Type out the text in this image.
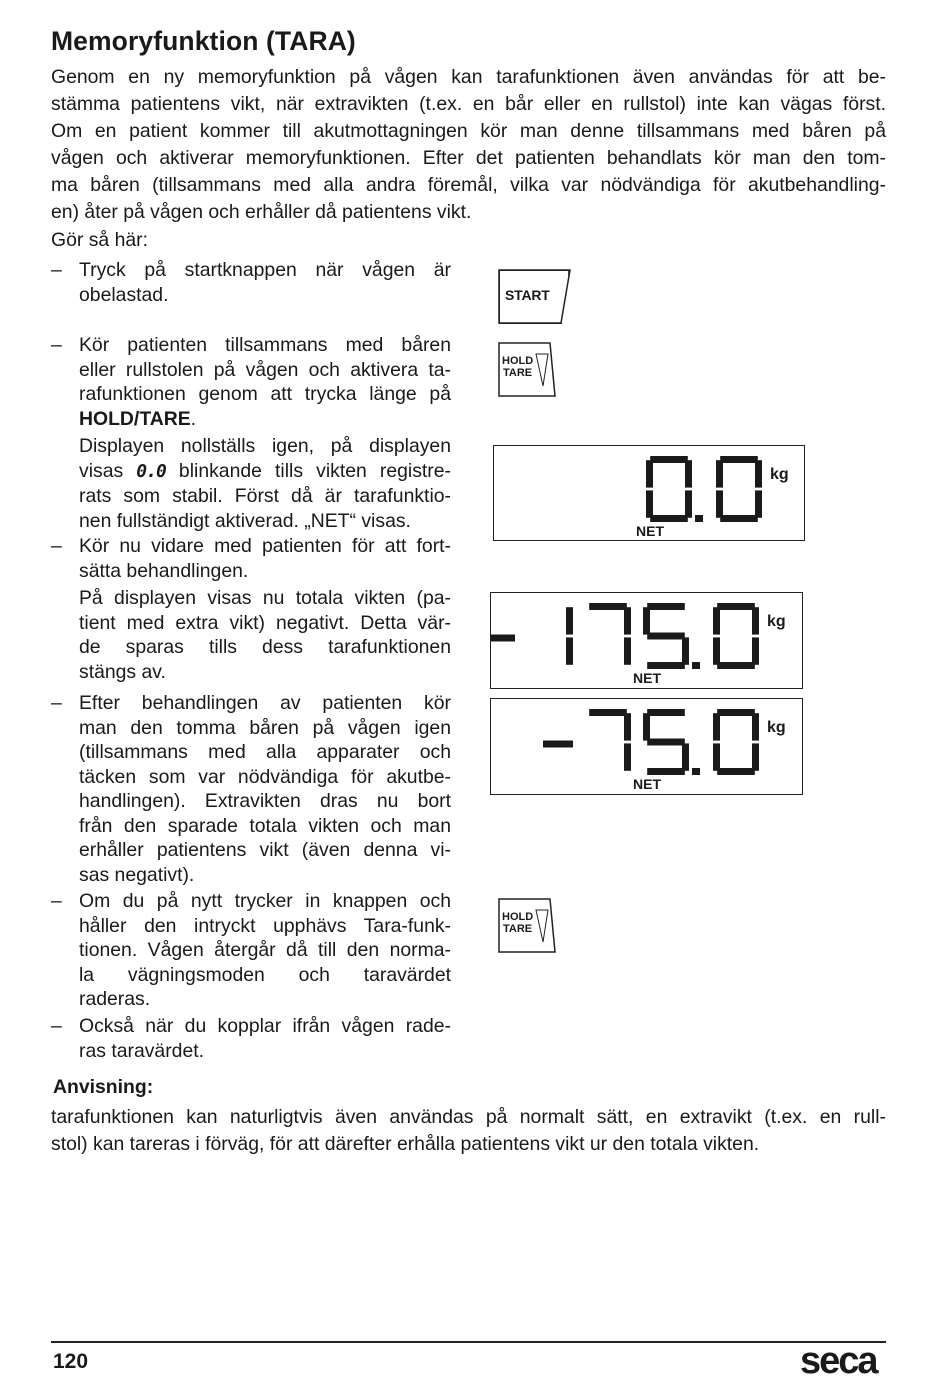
Memoryfunktion (TARA)

Genom en ny memoryfunktion på vågen kan tarafunktionen även användas för att be-
stämma patientens vikt, när extravikten (t.ex. en bår eller en rullstol) inte kan vägas först.
Om en patient kommer till akutmottagningen kör man denne tillsammans med båren på
vågen och aktiverar memoryfunktionen. Efter det patienten behandlats kör man den tom-
ma båren (tillsammans med alla andra föremål, vilka var nödvändiga för akutbehandling-
en) åter på vågen och erhåller då patientens vikt.

Gör så här:

– Tryck på startknappen när vågen är
obelastad.
– Kör patienten tillsammans med båren
eller rullstolen på vågen och aktivera ta-
rafunktionen genom att trycka länge på
HOLD/TARE.
Displayen nollställs igen, på displayen
visas 0.0 blinkande tills vikten registre-
rats som stabil. Först då är tarafunktio-
nen fullständigt aktiverad. „NET“ visas.
– Kör nu vidare med patienten för att fort-
sätta behandlingen.
På displayen visas nu totala vikten (pa-
tient med extra vikt) negativt. Detta vär-
de sparas tills dess tarafunktionen
stängs av.
– Efter behandlingen av patienten kör
man den tomma båren på vågen igen
(tillsammans med alla apparater och
täcken som var nödvändiga för akutbe-
handlingen). Extravikten dras nu bort
från den sparade totala vikten och man
erhåller patientens vikt (även denna vi-
sas negativt).
– Om du på nytt trycker in knappen och
håller den intryckt upphävs Tara-funk-
tionen. Vågen återgår då till den norma-
la vägningsmoden och taravärdet
raderas.
– Också när du kopplar ifrån vågen rade-
ras taravärdet.
START
HOLD
TARE
HOLD
TARE
kg
NET
kg
NET
kg
NET

Anvisning:

tarafunktionen kan naturligtvis även användas på normalt sätt, en extravikt (t.ex. en rull-
stol) kan tareras i förväg, för att därefter erhålla patientens vikt ur den totala vikten.

120	seca
